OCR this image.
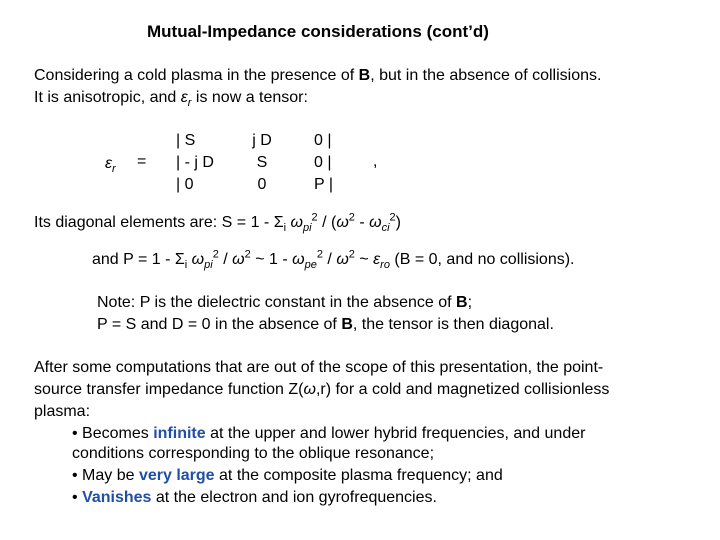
Mutual-Impedance considerations (cont’d)
Considering a cold plasma in the presence of B, but in the absence of collisions.
It is anisotropic, and $\varepsilon_r$ is now a tensor:
$\varepsilon_r$ =
| S
| - j D
| 0
j D
S
0
0 |
0 |
P |
,
Its diagonal elements are: $S = 1 - \Sigma_i$ $\omega_{pi}^2 / (\omega^2 - \omega_{ci}^2)$
and $P = 1 - \Sigma_i$ $\omega_{pi}^2 / \omega^2$ ~ $1 - \omega_{pe}^2 / \omega^2$ ~ $\varepsilon_{ro}$ (B = 0, and no collisions).
Note: P is the dielectric constant in the absence of B;
P = S and D = 0 in the absence of B, the tensor is then diagonal.
After some computations that are out of the scope of this presentation, the point-
source transfer impedance function Z(ω,r) for a cold and magnetized collisionless
plasma:
• Becomes infinite at the upper and lower hybrid frequencies, and under
conditions corresponding to the oblique resonance;
• May be very large at the composite plasma frequency; and
• Vanishes at the electron and ion gyrofrequencies.
